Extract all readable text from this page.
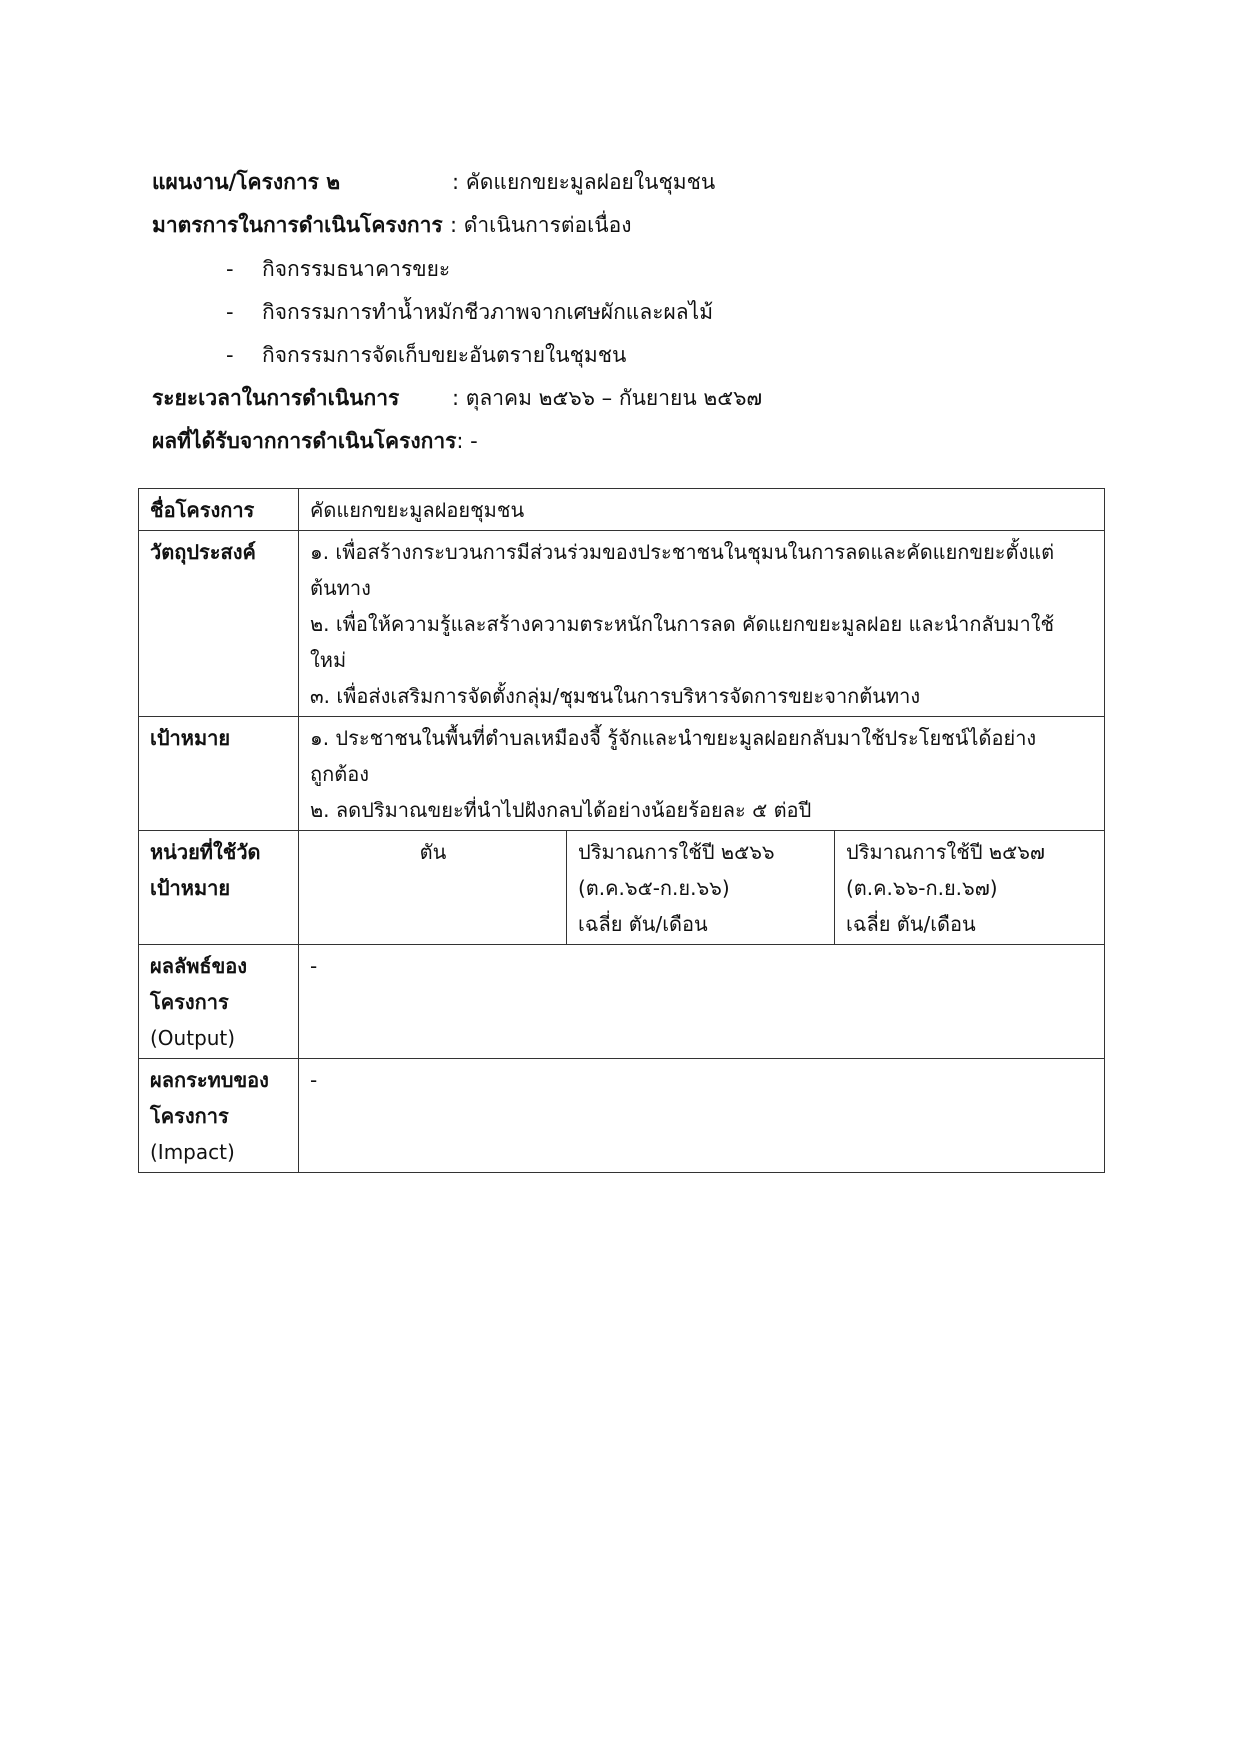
แผนงาน/โครงการ ๒	: คัดแยกขยะมูลฝอยในชุมชน
มาตรการในการดำเนินโครงการ : ดำเนินการต่อเนื่อง
- กิจกรรมธนาคารขยะ
- กิจกรรมการทำน้ำหมักชีวภาพจากเศษผักและผลไม้
- กิจกรรมการจัดเก็บขยะอันตรายในชุมชน
ระยะเวลาในการดำเนินการ	: ตุลาคม ๒๕๖๖ – กันยายน ๒๕๖๗
ผลที่ได้รับจากการดำเนินโครงการ: -
ชื่อโครงการ	คัดแยกขยะมูลฝอยชุมชน		
วัตถุประสงค์	๑. เพื่อสร้างกระบวนการมีส่วนร่วมของประชาชนในชุมนในการลดและคัดแยกขยะตั้งแต่
ต้นทาง
๒. เพื่อให้ความรู้และสร้างความตระหนักในการลด คัดแยกขยะมูลฝอย และนำกลับมาใช้
ใหม่
๓. เพื่อส่งเสริมการจัดตั้งกลุ่ม/ชุมชนในการบริหารจัดการขยะจากต้นทาง		

เป้าหมาย	๑. ประชาชนในพื้นที่ตำบลเหมืองจี้ รู้จักและนำขยะมูลฝอยกลับมาใช้ประโยชน์ได้อย่าง
ถูกต้อง
๒. ลดปริมาณขยะที่นำไปฝังกลบได้อย่างน้อยร้อยละ ๕ ต่อปี		

หน่วยที่ใช้วัด
เป้าหมาย	ตัน	ปริมาณการใช้ปี ๒๕๖๖
(ต.ค.๖๕-ก.ย.๖๖)
เฉลี่ย ตัน/เดือน	ปริมาณการใช้ปี ๒๕๖๗
(ต.ค.๖๖-ก.ย.๖๗)
เฉลี่ย ตัน/เดือน

ผลลัพธ์ของ
โครงการ
(Output)	-		

ผลกระทบของ
โครงการ
(Impact)	-		
